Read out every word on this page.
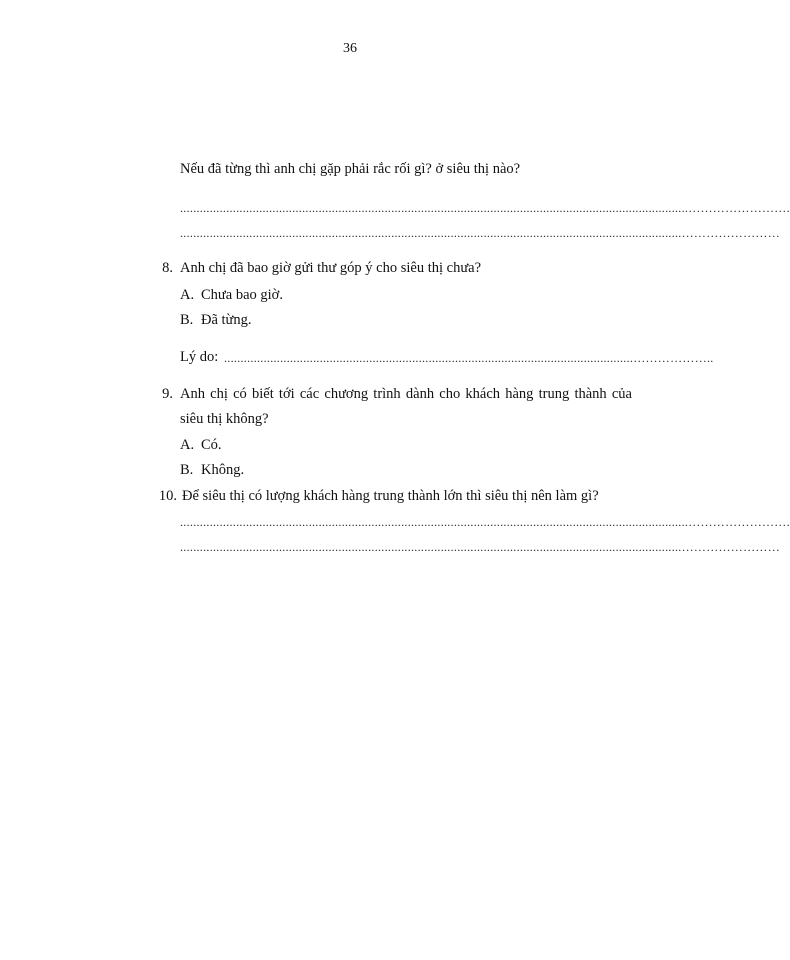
36
Nếu đã từng thì anh chị gặp phải rắc rối gì? ở siêu thị nào?
..........................................................................................................................................................…………………….
........................................................................................................................................................……………………
8. Anh chị đã bao giờ gửi thư góp ý cho siêu thị chưa?
A. Chưa bao giờ.
B. Đã từng.
Lý do: ............................................................................................................................………………..
9. Anh chị có biết tới các chương trình dành cho khách hàng trung thành của
siêu thị không?
A. Có.
B. Không.
10. Để siêu thị có lượng khách hàng trung thành lớn thì siêu thị nên làm gì?
..........................................................................................................................................................…………………….
........................................................................................................................................................……………………
